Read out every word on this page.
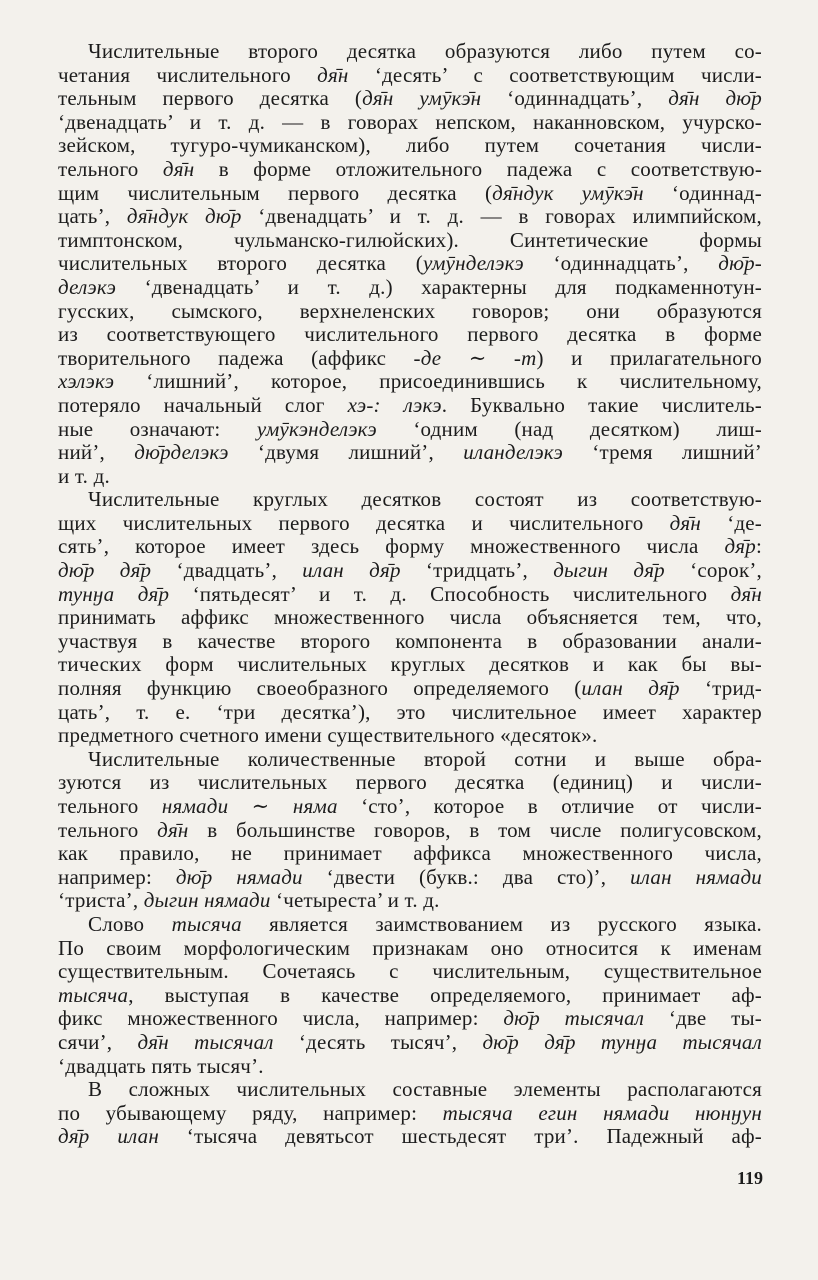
Числительные второго десятка образуются либо путем со-
четания числительного дя̄н ‘десять’ с соответствующим числи-
тельным первого десятка (дя̄н умӯкэ̄н ‘одиннадцать’, дя̄н дю̄р
‘двенадцать’ и т. д. — в говорах непском, наканновском, учурско-
зейском, тугуро-чумиканском), либо путем сочетания числи-
тельного дя̄н в форме отложительного падежа с соответствую-
щим числительным первого десятка (дя̄ндук умӯкэ̄н ‘одиннад-
цать’, дя̄ндук дю̄р ‘двенадцать’ и т. д. — в говорах илимпийском,
тимптонском, чульманско-гилюйских). Синтетические формы
числительных второго десятка (умӯнделэкэ ‘одиннадцать’, дю̄р-
делэкэ ‘двенадцать’ и т. д.) характерны для подкаменнотун-
гусских, сымского, верхнеленских говоров; они образуются
из соответствующего числительного первого десятка в форме
творительного падежа (аффикс -де ∼ -т) и прилагательного
хэлэкэ ‘лишний’, которое, присоединившись к числительному,
потеряло начальный слог хэ-: лэкэ. Буквально такие числитель-
ные означают: умӯкэнделэкэ ‘одним (над десятком) лиш-
ний’, дю̄рделэкэ ‘двумя лишний’, иланделэкэ ‘тремя лишний’
и т. д.
Числительные круглых десятков состоят из соответствую-
щих числительных первого десятка и числительного дя̄н ‘де-
сять’, которое имеет здесь форму множественного числа дя̄р:
дю̄р дя̄р ‘двадцать’, илан дя̄р ‘тридцать’, дыгин дя̄р ‘сорок’,
тунӈа дя̄р ‘пятьдесят’ и т. д. Способность числительного дя̄н
принимать аффикс множественного числа объясняется тем, что,
участвуя в качестве второго компонента в образовании анали-
тических форм числительных круглых десятков и как бы вы-
полняя функцию своеобразного определяемого (илан дя̄р ‘трид-
цать’, т. е. ‘три десятка’), это числительное имеет характер
предметного счетного имени существительного «десяток».
Числительные количественные второй сотни и выше обра-
зуются из числительных первого десятка (единиц) и числи-
тельного нямади ∼ няма ‘сто’, которое в отличие от числи-
тельного дя̄н в большинстве говоров, в том числе полигусовском,
как правило, не принимает аффикса множественного числа,
например: дю̄р нямади ‘двести (букв.: два сто)’, илан нямади
‘триста’, дыгин нямади ‘четыреста’ и т. д.
Слово тысяча является заимствованием из русского языка.
По своим морфологическим признакам оно относится к именам
существительным. Сочетаясь с числительным, существительное
тысяча, выступая в качестве определяемого, принимает аф-
фикс множественного числа, например: дю̄р тысячал ‘две ты-
сячи’, дя̄н тысячал ‘десять тысяч’, дю̄р дя̄р тунӈа тысячал
‘двадцать пять тысяч’.
В сложных числительных составные элементы располагаются
по убывающему ряду, например: тысяча егин нямади нюнӈун
дя̄р илан ‘тысяча девятьсот шестьдесят три’. Падежный аф-
119
